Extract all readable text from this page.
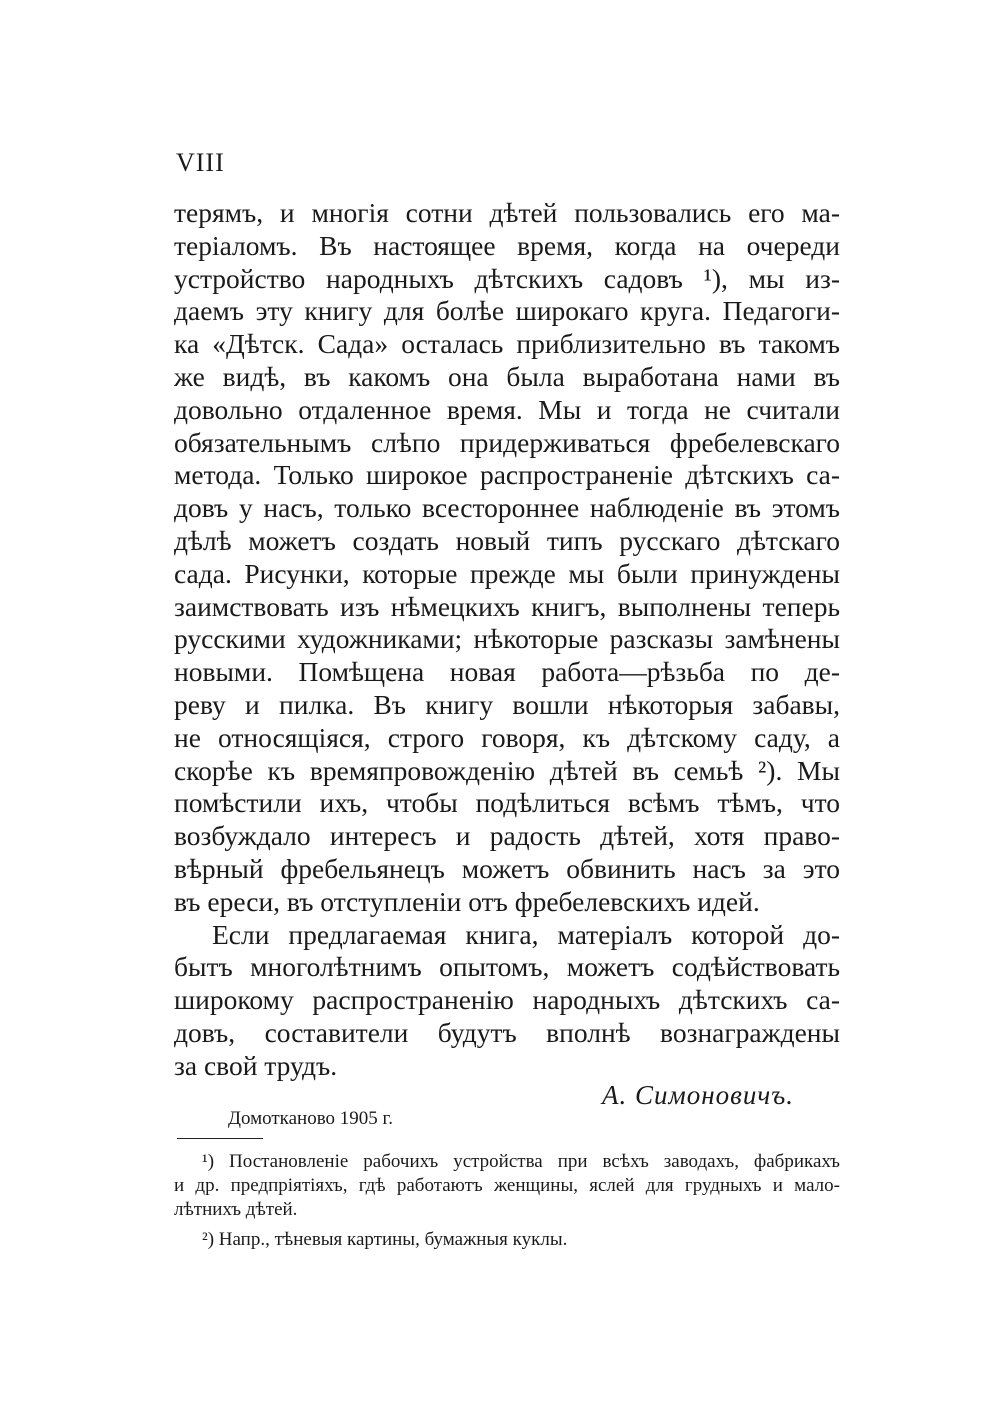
VIII
терямъ, и многiя сотни дѣтей пользовались его ма-
терiаломъ. Въ настоящее время, когда на очереди
устройство народныхъ дѣтскихъ садовъ ¹), мы из-
даемъ эту книгу для болѣе широкаго круга. Педагоги-
ка «Дѣтск. Сада» осталась приблизительно въ такомъ
же видѣ, въ какомъ она была выработана нами въ
довольно отдаленное время. Мы и тогда не считали
обязательнымъ слѣпо придерживаться фребелевскаго
метода. Только широкое распространенiе дѣтскихъ са-
довъ у насъ, только всестороннее наблюденiе въ этомъ
дѣлѣ можетъ создать новый типъ русскаго дѣтскаго
сада. Рисунки, которые прежде мы были принуждены
заимствовать изъ нѣмецкихъ книгъ, выполнены теперь
русскими художниками; нѣкоторые разсказы замѣнены
новыми. Помѣщена новая работа—рѣзьба по де-
реву и пилка. Въ книгу вошли нѣкоторыя забавы,
не относящiяся, строго говоря, къ дѣтскому саду, а
скорѣе къ времяпровожденiю дѣтей въ семьѣ ²). Мы
помѣстили ихъ, чтобы подѣлиться всѣмъ тѣмъ, что
возбуждало интересъ и радость дѣтей, хотя право-
вѣрный фребельянецъ можетъ обвинить насъ за это
въ ереси, въ отступленiи отъ фребелевскихъ идей.
Если предлагаемая книга, матерiалъ которой до-
бытъ многолѣтнимъ опытомъ, можетъ содѣйствовать
широкому распространенiю народныхъ дѣтскихъ са-
довъ, составители будутъ вполнѣ вознаграждены
за свой трудъ.
А. Симоновичъ.
Домотканово 1905 г.
¹) Постановленiе рабочихъ устройства при всѣхъ заводахъ, фабрикахъ
и др. предпрiятiяхъ, гдѣ работаютъ женщины, яслей для грудныхъ и мало-
лѣтнихъ дѣтей.
²) Напр., тѣневыя картины, бумажныя куклы.
